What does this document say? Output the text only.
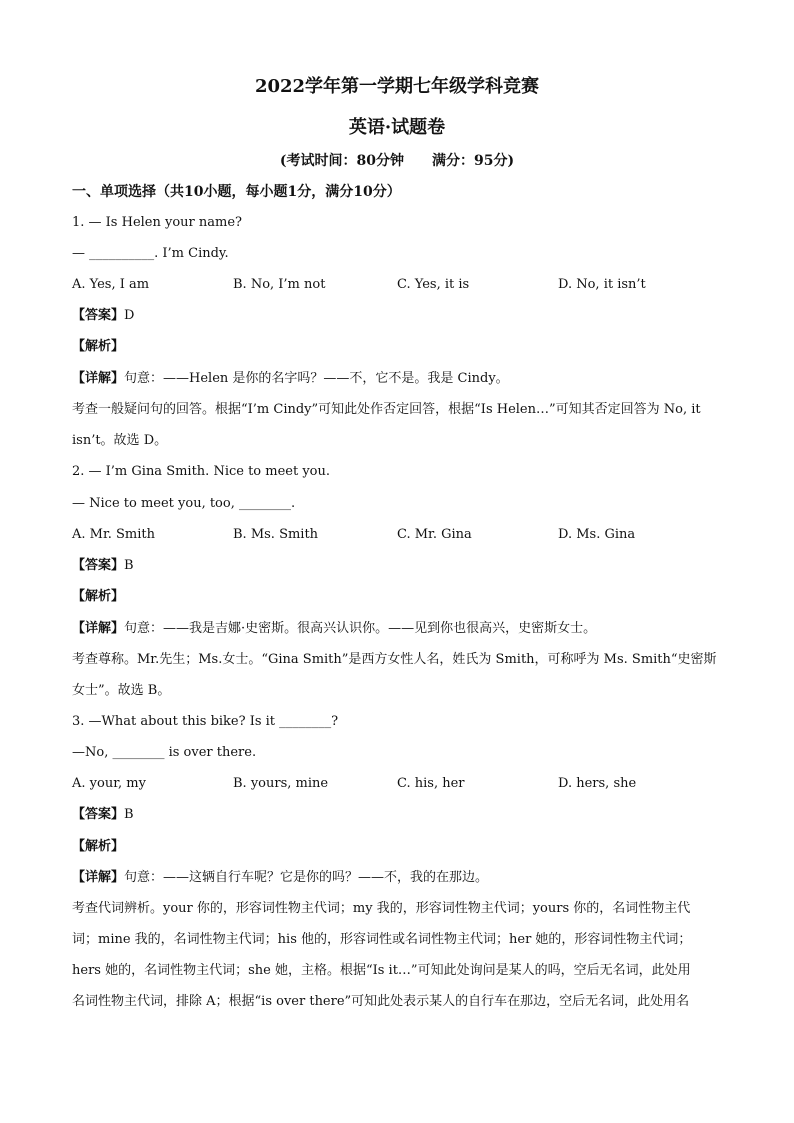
2022学年第一学期七年级学科竞赛
英语·试题卷
(考试时间：80分钟 满分：95分)
一、单项选择（共10小题，每小题1分，满分10分）
1. — Is Helen your name?
— __________. I’m Cindy.
A. Yes, I am	B. No, I’m not	C. Yes, it is	D. No, it isn’t
【答案】D
【解析】
【详解】句意：——Helen 是你的名字吗？——不，它不是。我是 Cindy。
考查一般疑问句的回答。根据“I’m Cindy”可知此处作否定回答，根据“Is Helen…”可知其否定回答为 No, it
isn’t。故选 D。
2. — I’m Gina Smith. Nice to meet you.
— Nice to meet you, too, ________.
A. Mr. Smith	B. Ms. Smith	C. Mr. Gina	D. Ms. Gina
【答案】B
【解析】
【详解】句意：——我是吉娜·史密斯。很高兴认识你。——见到你也很高兴，史密斯女士。
考查尊称。Mr.先生；Ms.女士。“Gina Smith”是西方女性人名，姓氏为 Smith，可称呼为 Ms. Smith“史密斯
女士”。故选 B。
3. —What about this bike? Is it ________?
—No, ________ is over there.
A. your, my	B. yours, mine	C. his, her	D. hers, she
【答案】B
【解析】
【详解】句意：——这辆自行车呢？它是你的吗？——不，我的在那边。
考查代词辨析。your 你的，形容词性物主代词；my 我的，形容词性物主代词；yours 你的，名词性物主代
词；mine 我的，名词性物主代词；his 他的，形容词性或名词性物主代词；her 她的，形容词性物主代词；
hers 她的，名词性物主代词；she 她，主格。根据“Is it…”可知此处询问是某人的吗，空后无名词，此处用
名词性物主代词，排除 A；根据“is over there”可知此处表示某人的自行车在那边，空后无名词，此处用名
